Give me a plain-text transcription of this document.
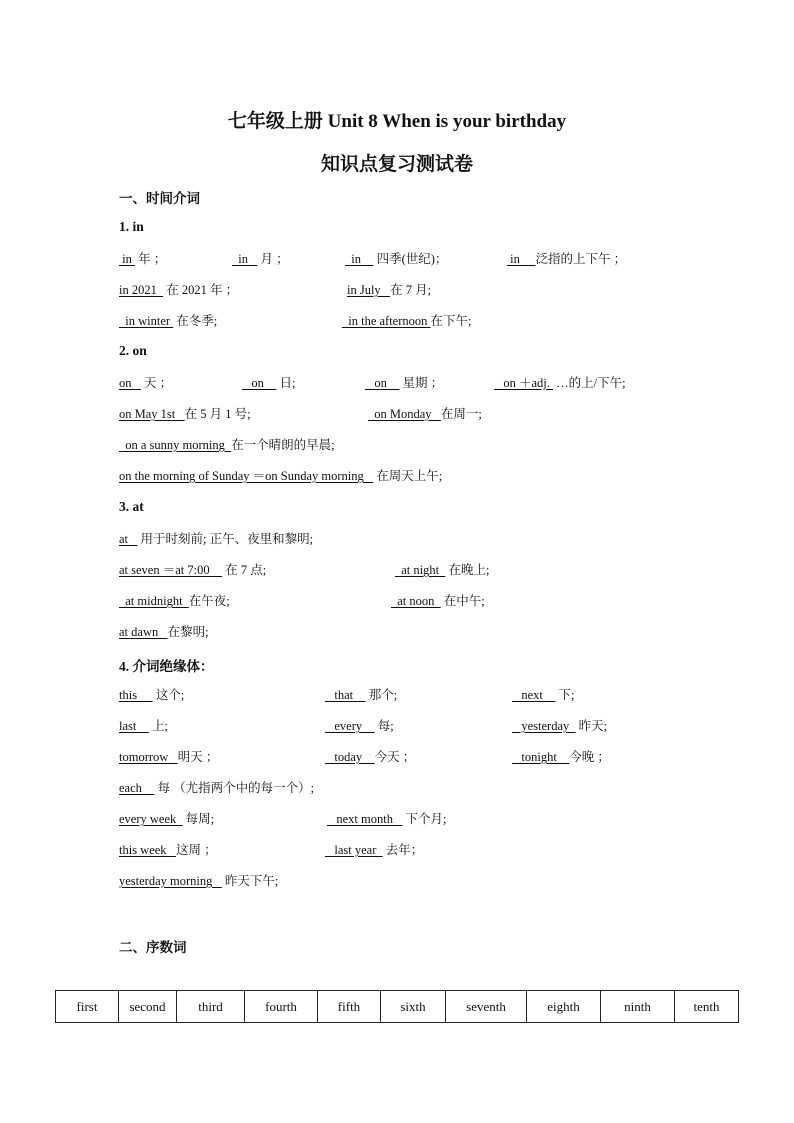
七年级上册 Unit 8 When is your birthday
知识点复习测试卷
一、时间介词
1. in
in  年 ；	in    月 ；	in     四季(世纪)；	in     泛指的上下午 ；
in 2021   在 2021 年 ；	in July   在 7 月;
in winter  在冬季;	in the afternoon 在下午;
2. on
on    天 ；	on     日;	on     星期 ；	on ＋adj.  …的上/下午;
on May 1st   在 5 月 1 号;	on Monday   在周一;
on a sunny morning  在一个晴朗的早晨;
on the morning of Sunday ＝on Sunday morning    在周天上午;
3. at
at    用于时刻前; 正午、夜里和黎明;
at seven ＝at 7:00     在 7 点;	at night   在晚上;
at midnight  在午夜;	at noon   在中午;
at dawn   在黎明;
4. 介词绝缘体：
this      这个;	that     那个;	next     下;
last     上;	every     每;	yesterday   昨天;
tomorrow   明天 ；	today    今天 ；	tonight    今晚 ；
each     每 （尤指两个中的每一个）;
every week   每周;	next month    下个月;
this week   这周 ；	last year   去年；
yesterday morning    昨天下午;
二、序数词
first	second	third	fourth	fifth	sixth	seventh	eighth	ninth	tenth
